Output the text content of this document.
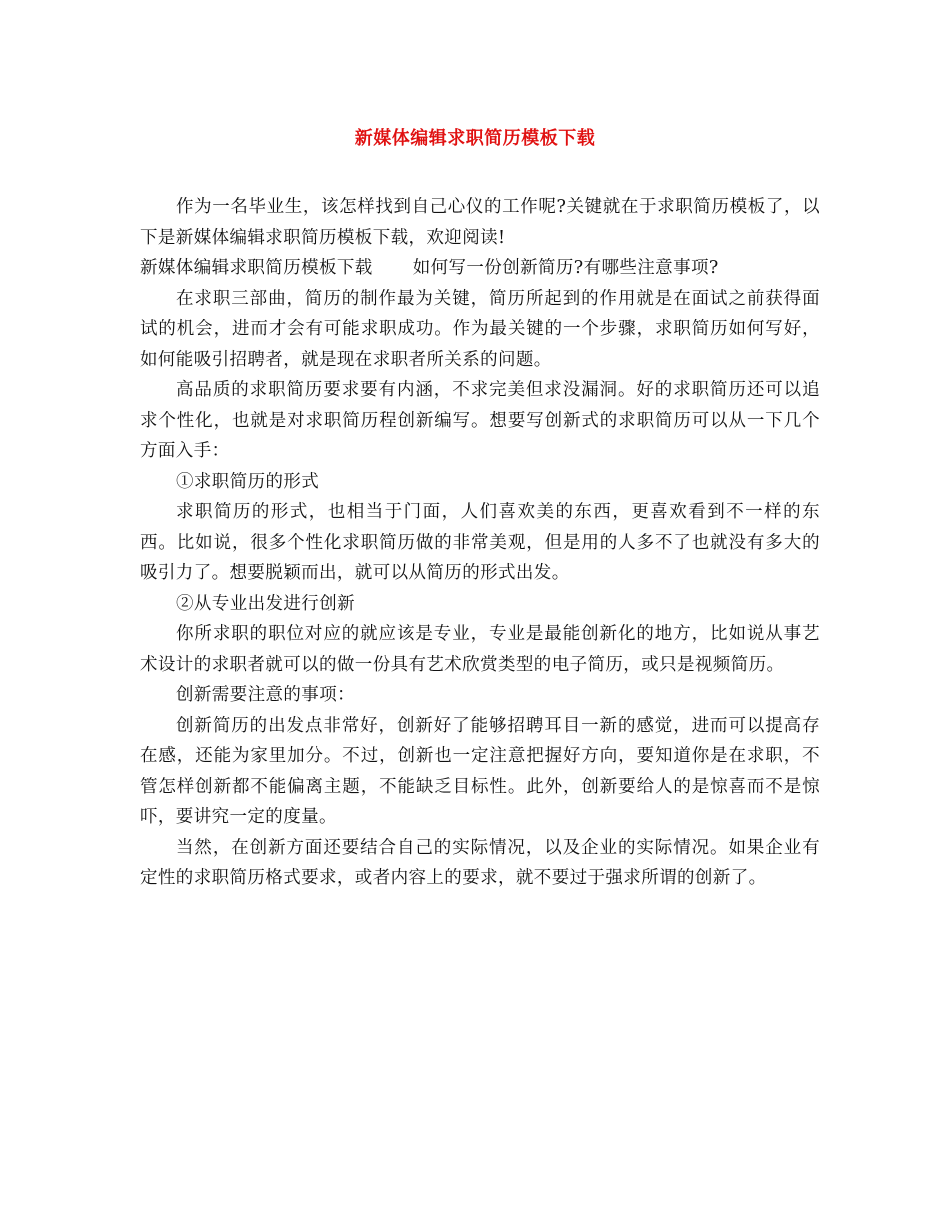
新媒体编辑求职简历模板下载

作为一名毕业生，该怎样找到自己心仪的工作呢?关键就在于求职简历模板了，以下是新媒体编辑求职简历模板下载，欢迎阅读!

新媒体编辑求职简历模板下载 如何写一份创新简历?有哪些注意事项?

在求职三部曲，简历的制作最为关键，简历所起到的作用就是在面试之前获得面试的机会，进而才会有可能求职成功。作为最关键的一个步骤，求职简历如何写好，如何能吸引招聘者，就是现在求职者所关系的问题。

高品质的求职简历要求要有内涵，不求完美但求没漏洞。好的求职简历还可以追求个性化，也就是对求职简历程创新编写。想要写创新式的求职简历可以从一下几个方面入手：

①求职简历的形式

求职简历的形式，也相当于门面，人们喜欢美的东西，更喜欢看到不一样的东西。比如说，很多个性化求职简历做的非常美观，但是用的人多不了也就没有多大的吸引力了。想要脱颖而出，就可以从简历的形式出发。

②从专业出发进行创新

你所求职的职位对应的就应该是专业，专业是最能创新化的地方，比如说从事艺术设计的求职者就可以的做一份具有艺术欣赏类型的电子简历，或只是视频简历。

创新需要注意的事项：

创新简历的出发点非常好，创新好了能够招聘耳目一新的感觉，进而可以提高存在感，还能为家里加分。不过，创新也一定注意把握好方向，要知道你是在求职，不管怎样创新都不能偏离主题，不能缺乏目标性。此外，创新要给人的是惊喜而不是惊吓，要讲究一定的度量。

当然，在创新方面还要结合自己的实际情况，以及企业的实际情况。如果企业有定性的求职简历格式要求，或者内容上的要求，就不要过于强求所谓的创新了。
